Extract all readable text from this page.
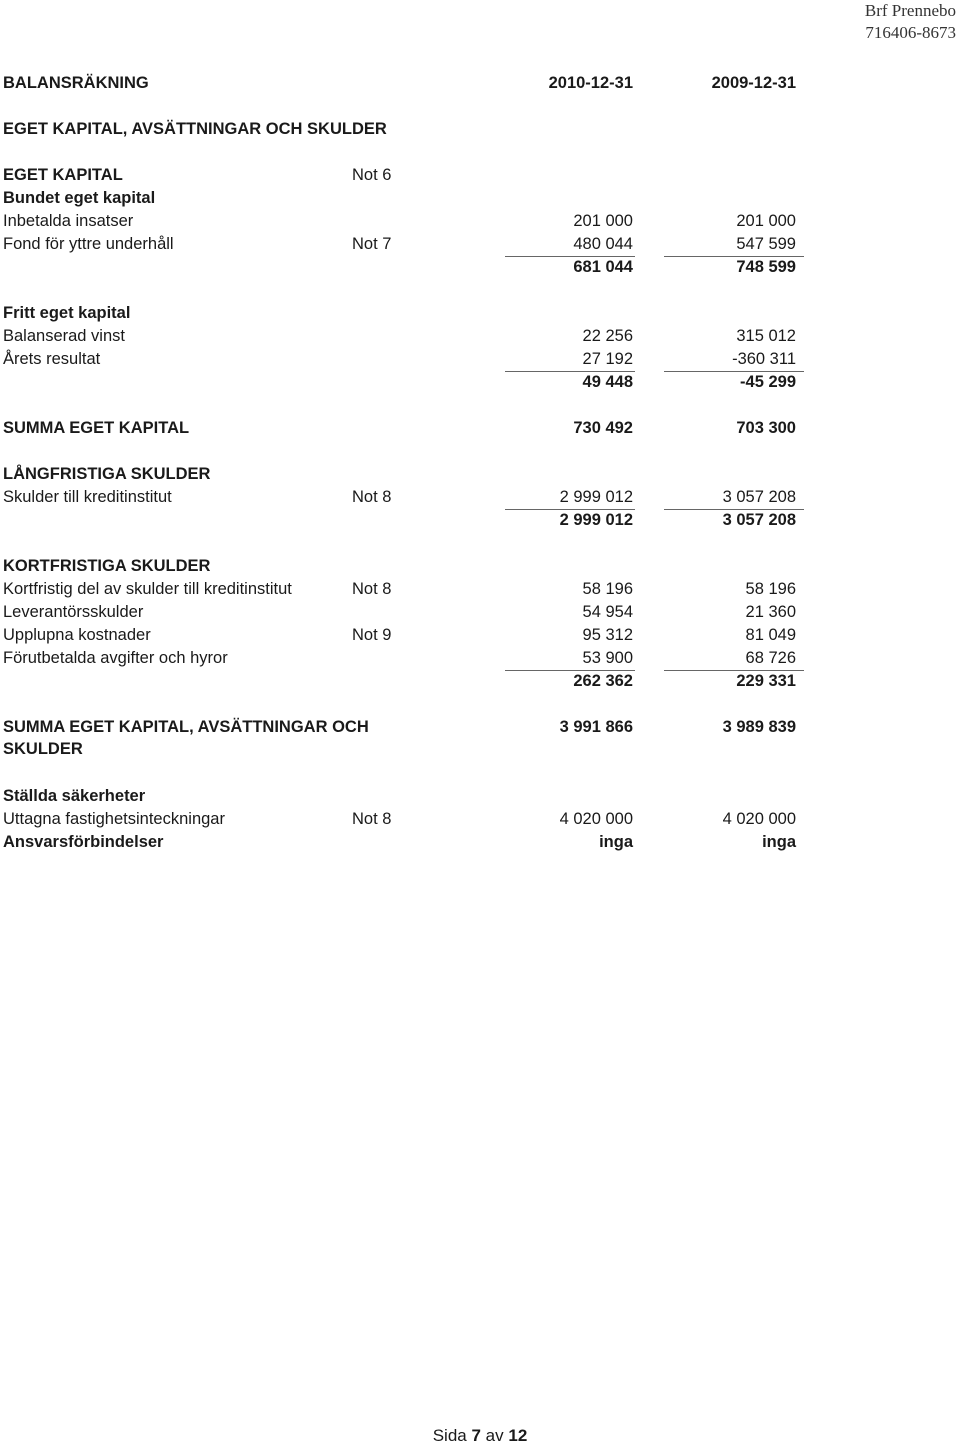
Brf Prennebo
716406-8673
BALANSRÄKNING	2010-12-31	2009-12-31
EGET KAPITAL, AVSÄTTNINGAR OCH SKULDER
EGET KAPITAL	Not 6
Bundet eget kapital
Inbetalda insatser	201 000	201 000
Fond för yttre underhåll	Not 7	480 044	547 599
681 044	748 599
Fritt eget kapital
Balanserad vinst	22 256	315 012
Årets resultat	27 192	-360 311
49 448	-45 299
SUMMA EGET KAPITAL	730 492	703 300
LÅNGFRISTIGA SKULDER
Skulder till kreditinstitut	Not 8	2 999 012	3 057 208
2 999 012	3 057 208
KORTFRISTIGA SKULDER
Kortfristig del av skulder till kreditinstitut	Not 8	58 196	58 196
Leverantörsskulder	54 954	21 360
Upplupna kostnader	Not 9	95 312	81 049
Förutbetalda avgifter och hyror	53 900	68 726
262 362	229 331
SUMMA EGET KAPITAL, AVSÄTTNINGAR OCH SKULDER
3 991 866	3 989 839
Ställda säkerheter
Uttagna fastighetsinteckningar	Not 8	4 020 000	4 020 000
Ansvarsförbindelser	inga	inga
Sida 7 av 12
